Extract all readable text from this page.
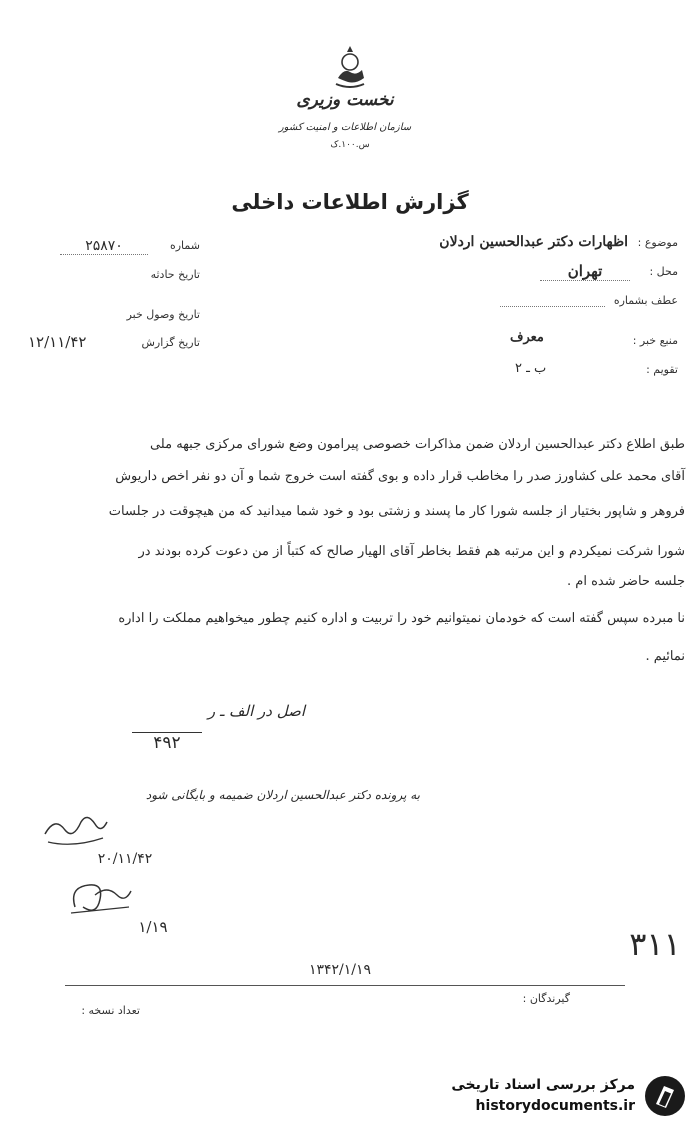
نخست وزیری
سازمان اطلاعات و امنیت کشور
س.۱۰۰.ک
گزارش اطلاعات داخلی
شماره
۲۵۸۷۰
تاریخ حادثه
تاریخ وصول خبر
تاریخ گزارش
۱۲/۱۱/۴۲
موضوع :
اظهارات دکتر عبدالحسین اردلان
محل :
تهران
عطف بشماره
منبع خبر :
معرف
تقویم :
ب ـ ۲
طبق اطلاع دکتر عبدالحسین اردلان ضمن مذاکرات خصوصی پیرامون وضع شورای مرکزی جبهه ملی
آقای محمد علی کشاورز صدر را مخاطب قرار داده و بوی گفته است خروج شما و آن دو نفر اخص داریوش
فروهر و شاپور بختیار از جلسه شورا کار ما پسند و زشتی بود و خود شما میدانید که من هیچوقت در جلسات
شورا شرکت نمیکردم و این مرتبه هم فقط بخاطر آقای الهیار صالح که کتباً از من دعوت کرده بودند در
جلسه حاضر شده ام .
نا مبرده سپس گفته است که خودمان نمیتوانیم خود را تربیت و اداره کنیم چطور میخواهیم مملکت را اداره
نمائیم .
اصل در الف ـ ر
۴۹۲
به پرونده دکتر عبدالحسین اردلان ضمیمه و بایگانی شود
۲۰/۱۱/۴۲
۱/۱۹	۳۱۱
۱۳۴۲/۱/۱۹
گیرندگان :
تعداد نسخه :
مرکز بررسی اسناد تاریخی
historydocuments.ir
